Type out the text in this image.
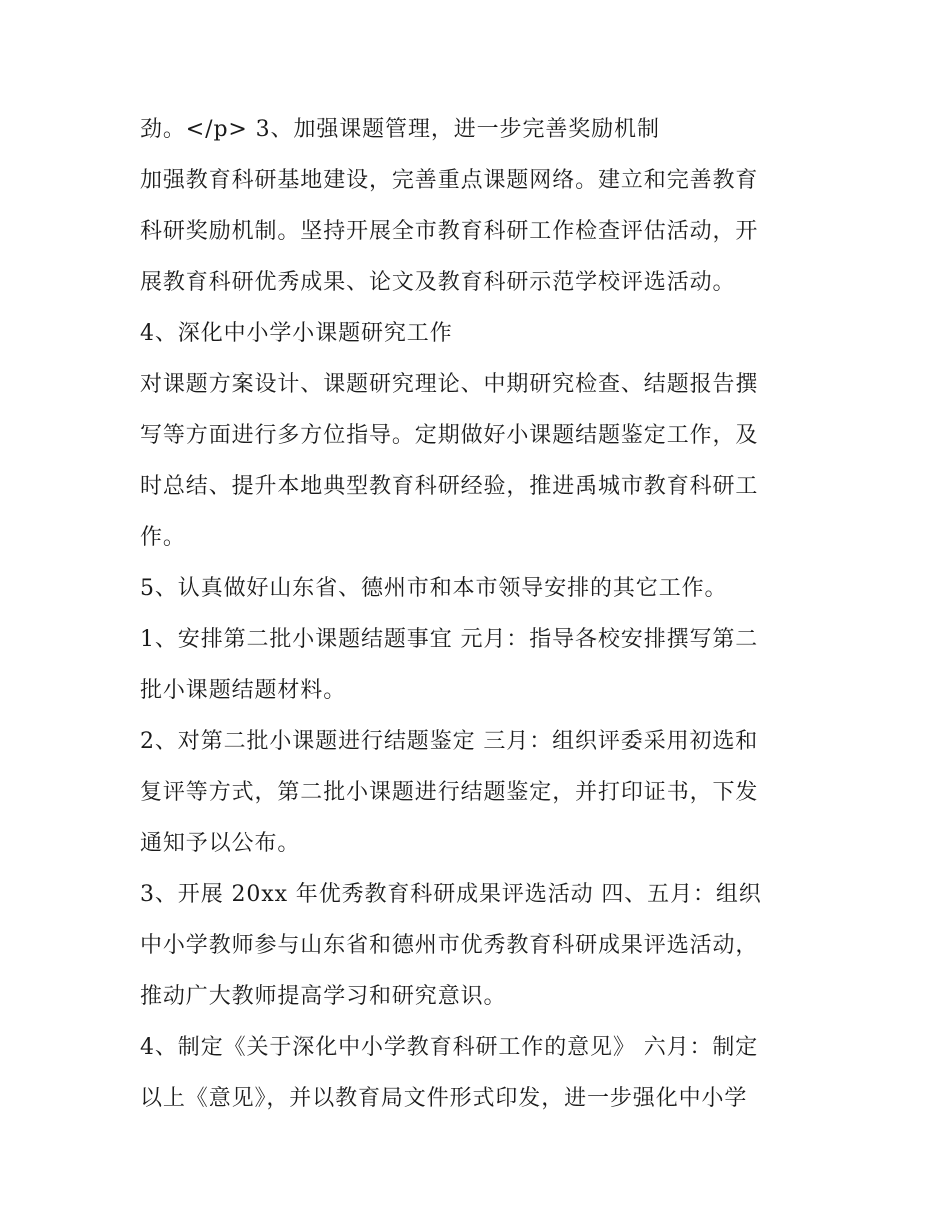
劲。</p> 3、加强课题管理，进一步完善奖励机制
加强教育科研基地建设，完善重点课题网络。建立和完善教育
科研奖励机制。坚持开展全市教育科研工作检查评估活动，开
展教育科研优秀成果、论文及教育科研示范学校评选活动。
4、深化中小学小课题研究工作
对课题方案设计、课题研究理论、中期研究检查、结题报告撰
写等方面进行多方位指导。定期做好小课题结题鉴定工作，及
时总结、提升本地典型教育科研经验，推进禹城市教育科研工
作。
5、认真做好山东省、德州市和本市领导安排的其它工作。
1、安排第二批小课题结题事宜 元月：指导各校安排撰写第二
批小课题结题材料。
2、对第二批小课题进行结题鉴定 三月：组织评委采用初选和
复评等方式，第二批小课题进行结题鉴定，并打印证书，下发
通知予以公布。
3、开展 20xx 年优秀教育科研成果评选活动 四、五月：组织
中小学教师参与山东省和德州市优秀教育科研成果评选活动，
推动广大教师提高学习和研究意识。
4、制定《关于深化中小学教育科研工作的意见》 六月：制定
以上《意见》，并以教育局文件形式印发，进一步强化中小学
